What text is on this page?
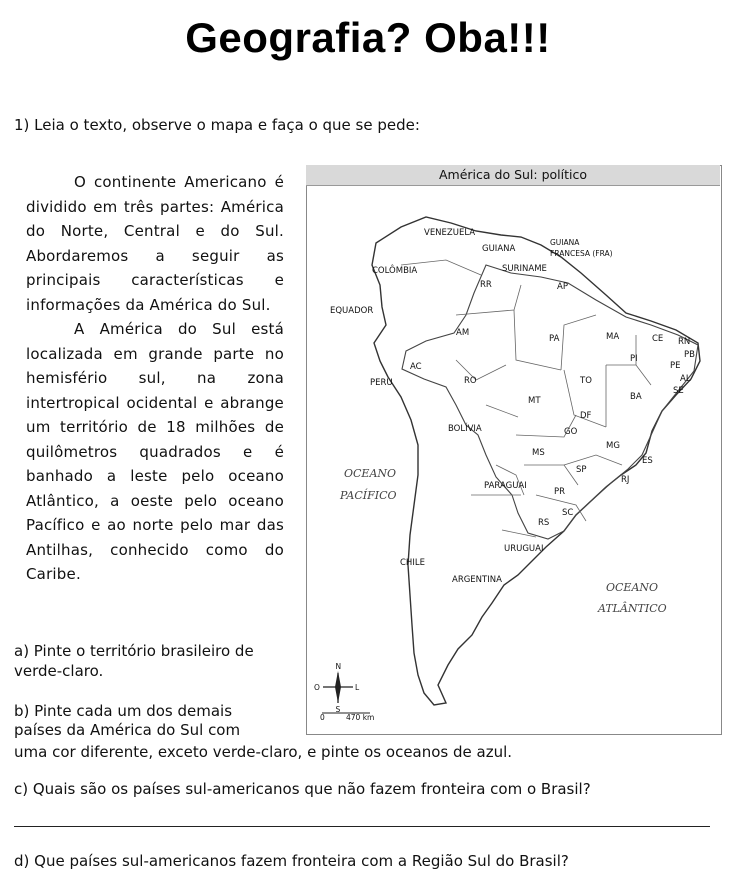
Geografia? Oba!!!
1) Leia o texto, observe o mapa e faça o que se pede:

O continente Americano é dividido em três partes: América do Norte, Central e do Sul. Abordaremos a seguir as principais características e informações da América do Sul.

A América do Sul está localizada em grande parte no hemisfério sul, na zona intertropical ocidental e abrange um território de 18 milhões de quilômetros quadrados e é banhado a leste pelo oceano Atlântico, a oeste pelo oceano Pacífico e ao norte pelo mar das Antilhas, conhecido como do Caribe.

América do Sul: político
VENEZUELA
GUIANA
GUIANA
FRANCESA (FRA)
SURINAME
COLÔMBIA
EQUADOR
PERU
BOLÍVIA
PARAGUAI
URUGUAI
CHILE
ARGENTINA
RR	AP
AM
PA	MA	CE RN
PB
PE
AL
SE
PI
AC
RO	TO
BA
MT
DF
GO
MG
ES
MS
SP
RJ
PR
SC
RS
OCEANO
PACÍFICO
OCEANO
ATLÂNTICO
N
S
L
O
0	470 km
a) Pinte o território brasileiro de verde-claro.
b) Pinte cada um dos demais países da América do Sul com
uma cor diferente, exceto verde-claro, e pinte os oceanos de azul.
c) Quais são os países sul-americanos que não fazem fronteira com o Brasil?
d) Que países sul-americanos fazem fronteira com a Região Sul do Brasil?
